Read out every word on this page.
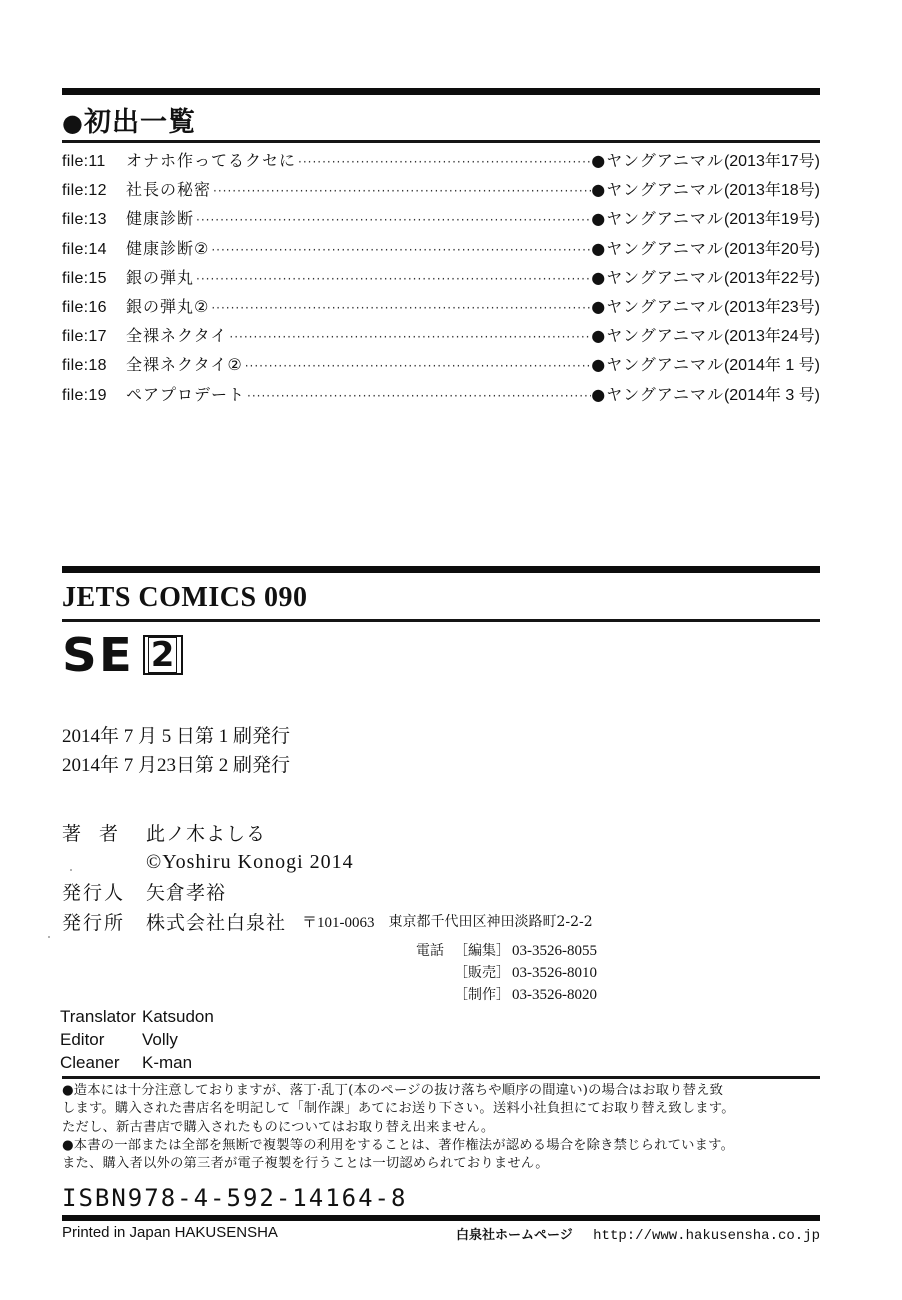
●初出一覧
file:11	オナホ作ってるクセに ·····	●ヤングアニマル (2013年17号)
file:12	社長の秘密 ·····	●ヤングアニマル (2013年18号)
file:13	健康診断 ·····	●ヤングアニマル (2013年19号)
file:14	健康診断② ·····	●ヤングアニマル (2013年20号)
file:15	銀の弾丸 ·····	●ヤングアニマル (2013年22号)
file:16	銀の弾丸② ·····	●ヤングアニマル (2013年23号)
file:17	全裸ネクタイ ·····	●ヤングアニマル (2013年24号)
file:18	全裸ネクタイ② ·····	●ヤングアニマル (2014年 1 号)
file:19	ペアプロデート ·····	●ヤングアニマル (2014年 3 号)
JETS COMICS 090
SE 2
2014年 7 月 5 日第 1 刷発行
2014年 7 月23日第 2 刷発行
著者 此ノ木よしる
©Yoshiru Konogi 2014
発行人	矢倉孝裕
発行所	株式会社白泉社 〒101-0063 東京都千代田区神田淡路町2-2-2
電話 ［編集］ 03-3526-8055
［販売］ 03-3526-8010
［制作］ 03-3526-8020
Translator Katsudon
Editor	Volly
Cleaner	K-man
●造本には十分注意しておりますが、落丁·乱丁(本のページの抜け落ちや順序の間違い)の場合はお取り替え致
します。購入された書店名を明記して「制作課」あてにお送り下さい。送料小社負担にてお取り替え致します。
ただし、新古書店で購入されたものについてはお取り替え出来ません。
●本書の一部または全部を無断で複製等の利用をすることは、著作権法が認める場合を除き禁じられています。
また、購入者以外の第三者が電子複製を行うことは一切認められておりません。
ISBN978-4-592-14164-8
Printed in Japan HAKUSENSHA	白泉社ホームページ http://www.hakusensha.co.jp
